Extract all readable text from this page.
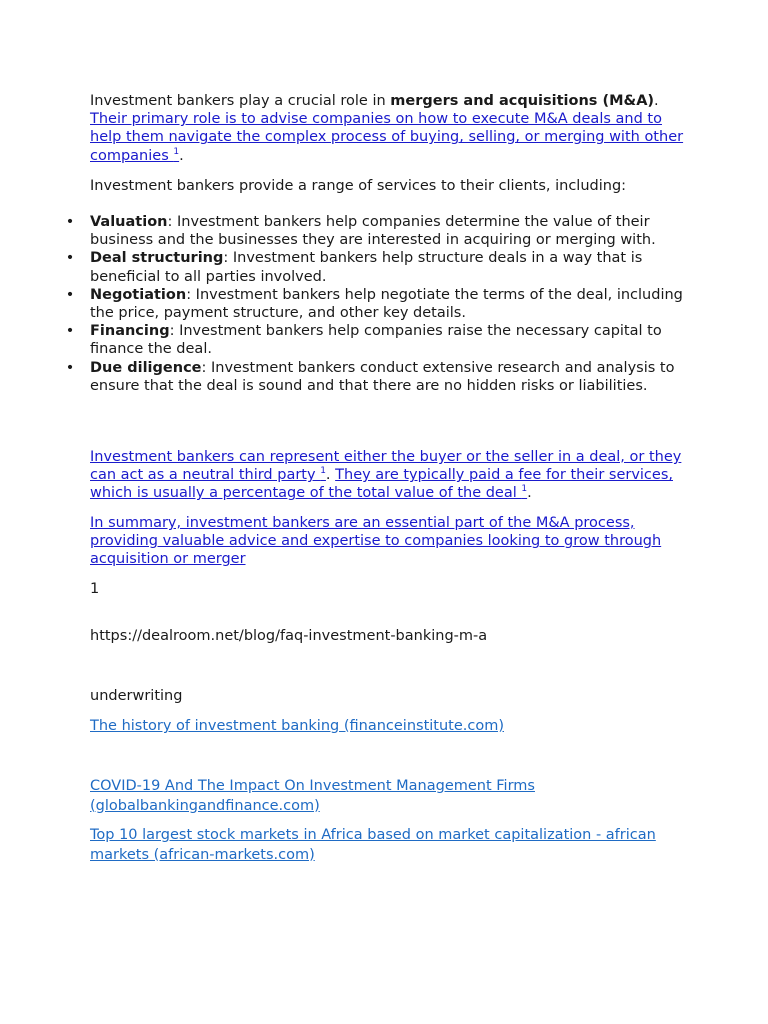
Investment bankers play a crucial role in mergers and acquisitions (M&A). Their primary role is to advise companies on how to execute M&A deals and to help them navigate the complex process of buying, selling, or merging with other companies $^1$.
Investment bankers provide a range of services to their clients, including:
• Valuation: Investment bankers help companies determine the value of their business and the businesses they are interested in acquiring or merging with.
• Deal structuring: Investment bankers help structure deals in a way that is beneficial to all parties involved.
• Negotiation: Investment bankers help negotiate the terms of the deal, including the price, payment structure, and other key details.
• Financing: Investment bankers help companies raise the necessary capital to finance the deal.
• Due diligence: Investment bankers conduct extensive research and analysis to ensure that the deal is sound and that there are no hidden risks or liabilities.
Investment bankers can represent either the buyer or the seller in a deal, or they can act as a neutral third party $^1$. They are typically paid a fee for their services, which is usually a percentage of the total value of the deal $^1$.
In summary, investment bankers are an essential part of the M&A process, providing valuable advice and expertise to companies looking to grow through acquisition or merger
1
https://dealroom.net/blog/faq-investment-banking-m-a
underwriting
The history of investment banking (financeinstitute.com)
COVID-19 And The Impact On Investment Management Firms (globalbankingandfinance.com)
Top 10 largest stock markets in Africa based on market capitalization - african markets (african-markets.com)
